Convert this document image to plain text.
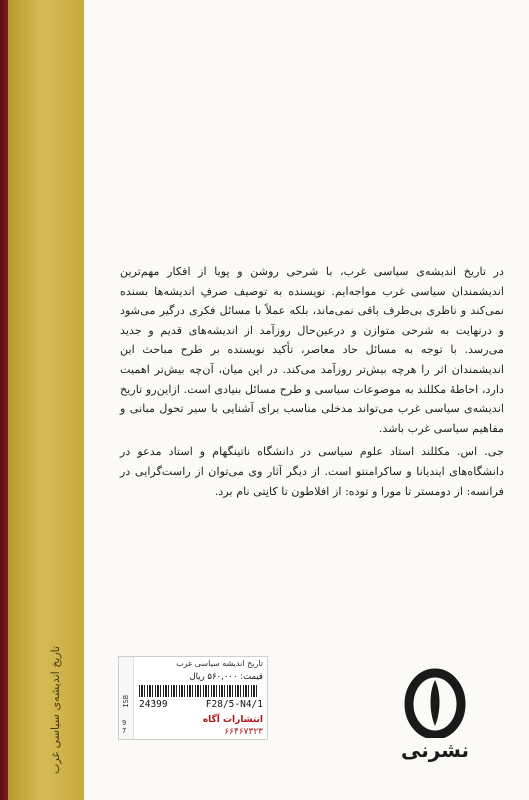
تاریخ اندیشه‌ی سیاسی غرب

در تاریخ اندیشه‌ی سیاسی غرب، با شرحی روشن و پویا از افکار مهم‌ترین اندیشمندان سیاسی غرب مواجه‌ایم. نویسنده به توصیف صرفِ اندیشه‌ها بسنده نمی‌کند و ناظری بی‌طرف باقی نمی‌ماند، بلکه عملاً با مسائل فکری درگیر می‌شود و درنهایت به شرحی متوازن و درعین‌حال روزآمد از اندیشه‌های قدیم و جدید می‌رسد. با توجه به مسائل حاد معاصر، تأکید نویسنده بر طرح مباحث این اندیشمندان اثر را هرچه بیش‌تر روزآمد می‌کند. در این میان، آن‌چه بیش‌تر اهمیت دارد، احاطهٔ مکللند به موضوعات سیاسی و طرح مسائل بنیادی است. ازاین‌رو تاریخ اندیشه‌ی سیاسی غرب می‌تواند مدخلی مناسب برای آشنایی با سیر تحول مبانی و مفاهیم سیاسی غرب باشد.

جی. اس. مکللند استاد علوم سیاسی در دانشگاه ناتینگهام و استاد مدعو در دانشگاه‌های ایندیانا و ساکرامنتو است. از دیگر آثار وی می‌توان از راست‌گرایی در فرانسه: از دومستر تا مورا و توده: از افلاطون تا کانِتی نام برد.

ISB
9 7
تاریخ اندیشه سیاسی غرب
قیمت: ۵۶۰,۰۰۰ ریال
24399	F28/5-N4/1
انتشارات آگاه
۶۶۴۶۷۳۲۳
نشرنی
